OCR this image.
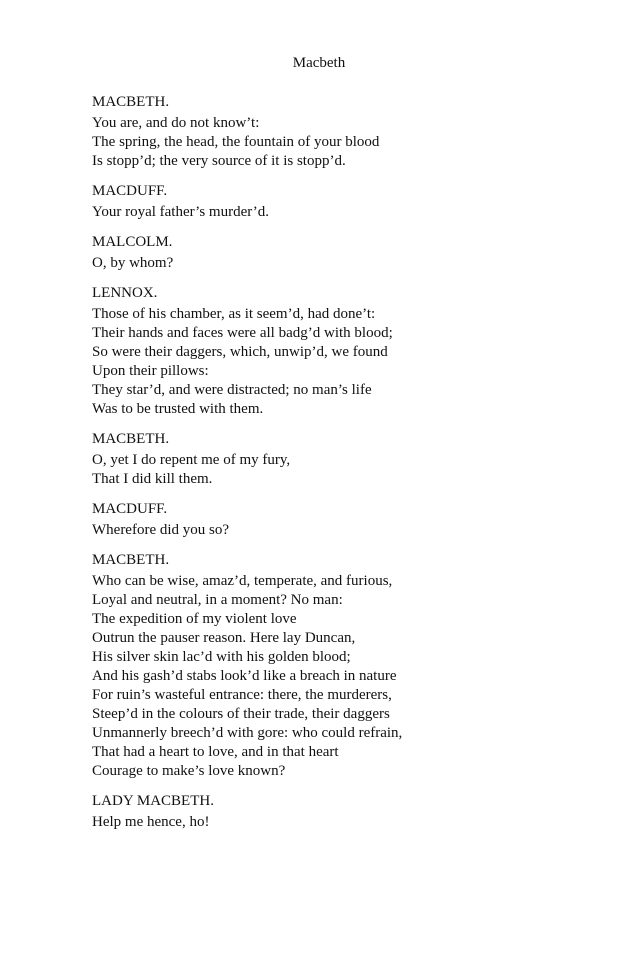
Macbeth
MACBETH.
You are, and do not know’t:
The spring, the head, the fountain of your blood
Is stopp’d; the very source of it is stopp’d.
MACDUFF.
Your royal father’s murder’d.
MALCOLM.
O, by whom?
LENNOX.
Those of his chamber, as it seem’d, had done’t:
Their hands and faces were all badg’d with blood;
So were their daggers, which, unwip’d, we found
Upon their pillows:
They star’d, and were distracted; no man’s life
Was to be trusted with them.
MACBETH.
O, yet I do repent me of my fury,
That I did kill them.
MACDUFF.
Wherefore did you so?
MACBETH.
Who can be wise, amaz’d, temperate, and furious,
Loyal and neutral, in a moment? No man:
The expedition of my violent love
Outrun the pauser reason. Here lay Duncan,
His silver skin lac’d with his golden blood;
And his gash’d stabs look’d like a breach in nature
For ruin’s wasteful entrance: there, the murderers,
Steep’d in the colours of their trade, their daggers
Unmannerly breech’d with gore: who could refrain,
That had a heart to love, and in that heart
Courage to make’s love known?
LADY MACBETH.
Help me hence, ho!
